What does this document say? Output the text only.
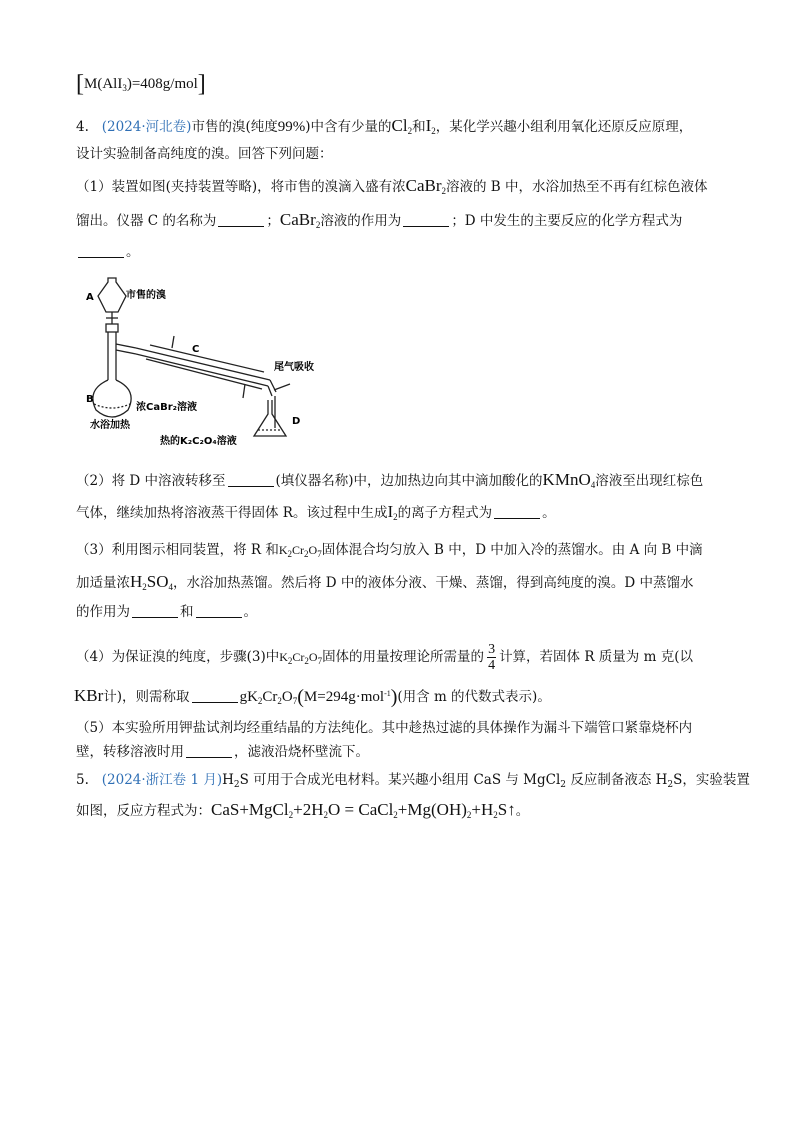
[M(AlI$_3$)=408g/mol]
4. (2024·河北卷)市售的溴(纯度99%)中含有少量的$Cl_2$和$I_2$，某化学兴趣小组利用氧化还原反应原理，
设计实验制备高纯度的溴。回答下列问题：
（1）装置如图(夹持装置等略)，将市售的溴滴入盛有浓CaBr$_2$溶液的 B 中，水浴加热至不再有红棕色液体
馏出。仪器 C 的名称为	；CaBr$_2$溶液的作用为	；D 中发生的主要反应的化学方程式为
。
A	市售的溴
C
尾气吸收
B
浓CaBr₂溶液
水浴加热	D
热的K₂C₂O₄溶液
（2）将 D 中溶液转移至	(填仪器名称)中，边加热边向其中滴加酸化的KMnO$_4$溶液至出现红棕色
气体，继续加热将溶液蒸干得固体 R。该过程中生成$I_2$的离子方程式为	。
（3）利用图示相同装置，将 R 和$K_2Cr_2O_7$固体混合均匀放入 B 中，D 中加入冷的蒸馏水。由 A 向 B 中滴
加适量浓$H_2SO_4$，水浴加热蒸馏。然后将 D 中的液体分液、干燥、蒸馏，得到高纯度的溴。D 中蒸馏水
的作用为	和	。
（4）为保证溴的纯度，步骤(3)中$K_2Cr_2O_7$固体的用量按理论所需量的 $\frac{3}{4}$ 计算，若固体 R 质量为 m 克(以
KBr计)，则需称取	$gK_2Cr_2O_7(M=294g\cdot mol^{-1})$(用含 m 的代数式表示)。
（5）本实验所用钾盐试剂均经重结晶的方法纯化。其中趁热过滤的具体操作为漏斗下端管口紧靠烧杯内
壁，转移溶液时用	，滤液沿烧杯壁流下。
5. (2024·浙江卷 1 月)$H_2S$ 可用于合成光电材料。某兴趣小组用 CaS 与 MgCl$_2$ 反应制备液态 $H_2S$，实验装置
如图，反应方程式为：$CaS+MgCl_2+2H_2O$ = $CaCl_2+Mg(OH)_2+H_2S↑$。
